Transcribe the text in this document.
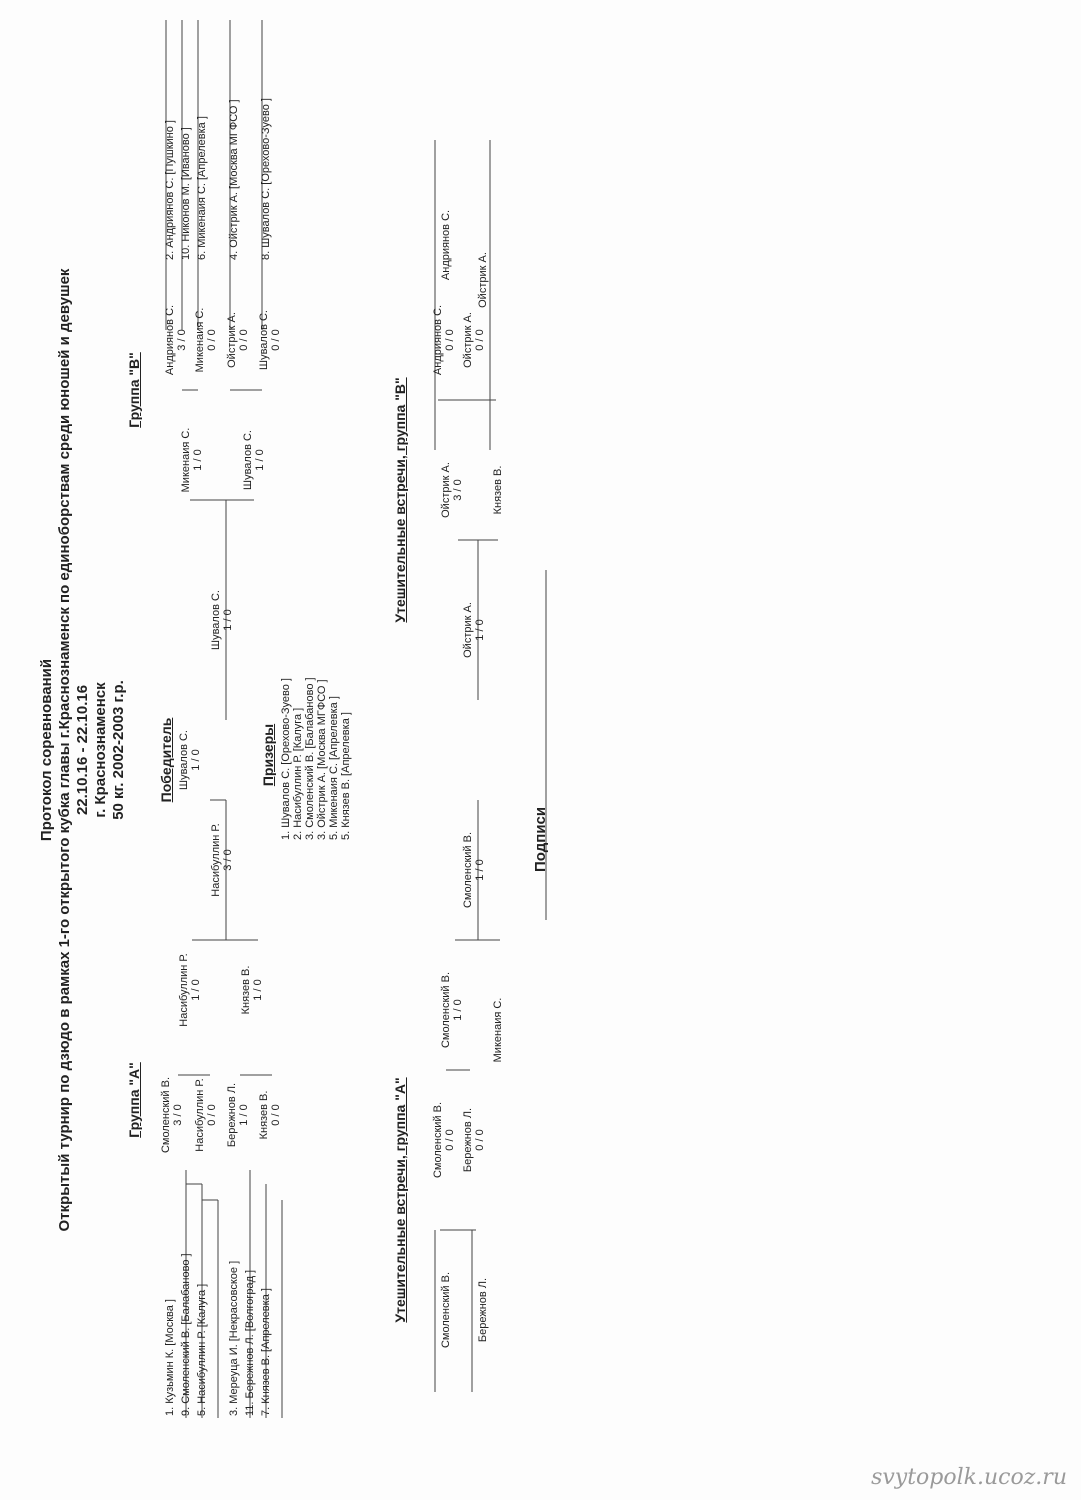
Протокол соревнований Открытый турнир по дзюдо в рамках 1-го открытого кубка главы г.Краснознаменск по единоборствам среди юношей и девушек 22.10.16 - 22.10.16 г. Краснознаменск 50 кг. 2002-2003 г.р.
Группа "А"
Группа "В"
1. Кузьмин К. [Москва ] 9. Смоленский В. [Балабаново ] 5. Насибуллин Р. [Калуга ] 3. Мереуца И. [Некрасовское ] 11. Бережнов Л. [Волгоград ] 7. Князев В. [Апрелевка ]
Смоленский В. 3 / 0 Насибуллин Р. 0 / 0 Бережнов Л. 1 / 0 Князев В. 0 / 0
Насибуллин Р. 1 / 0	Князев В. 1 / 0
Насибуллин Р. 3 / 0
Победитель Шувалов С. 1 / 0
Шувалов С. 1 / 0
Микенаия С. 1 / 0	Шувалов С. 1 / 0
Андриянов С. 3 / 0 Микенаия С. 0 / 0 Ойстрик А. 0 / 0 Шувалов С. 0 / 0
2. Андриянов С. [Пушкино ] 10. Никонов М. [Иваново ] 6. Микенаия С. [Апрелевка ] 4. Ойстрик А. [Москва МГФСО ] 8. Шувалов С. [Орехово-Зуево ]
Призеры 1. Шувалов С. [Орехово-Зуево ] 2. Насибуллин Р. [Калуга ] 3. Смоленский В. [Балабаново ] 3. Ойстрик А. [Москва МГФСО ] 5. Микенаия С. [Апрелевка ] 5. Князев В. [Апрелевка ]
Утешительные встречи, группа "А"	Смоленский В. Бережнов Л.
Смоленский В. 0 / 0 Бережнов Л. 0 / 0
Смоленский В. 1 / 0	Микенаия С.
Смоленский В. 1 / 0
Утешительные встречи, группа "В"
Ойстрик А. 1 / 0
Ойстрик А. 3 / 0	Князев В.
Андриянов С. 0 / 0 Ойстрик А. 0 / 0
Андриянов С. Ойстрик А.
Подписи
svytopolk.ucoz.ru
